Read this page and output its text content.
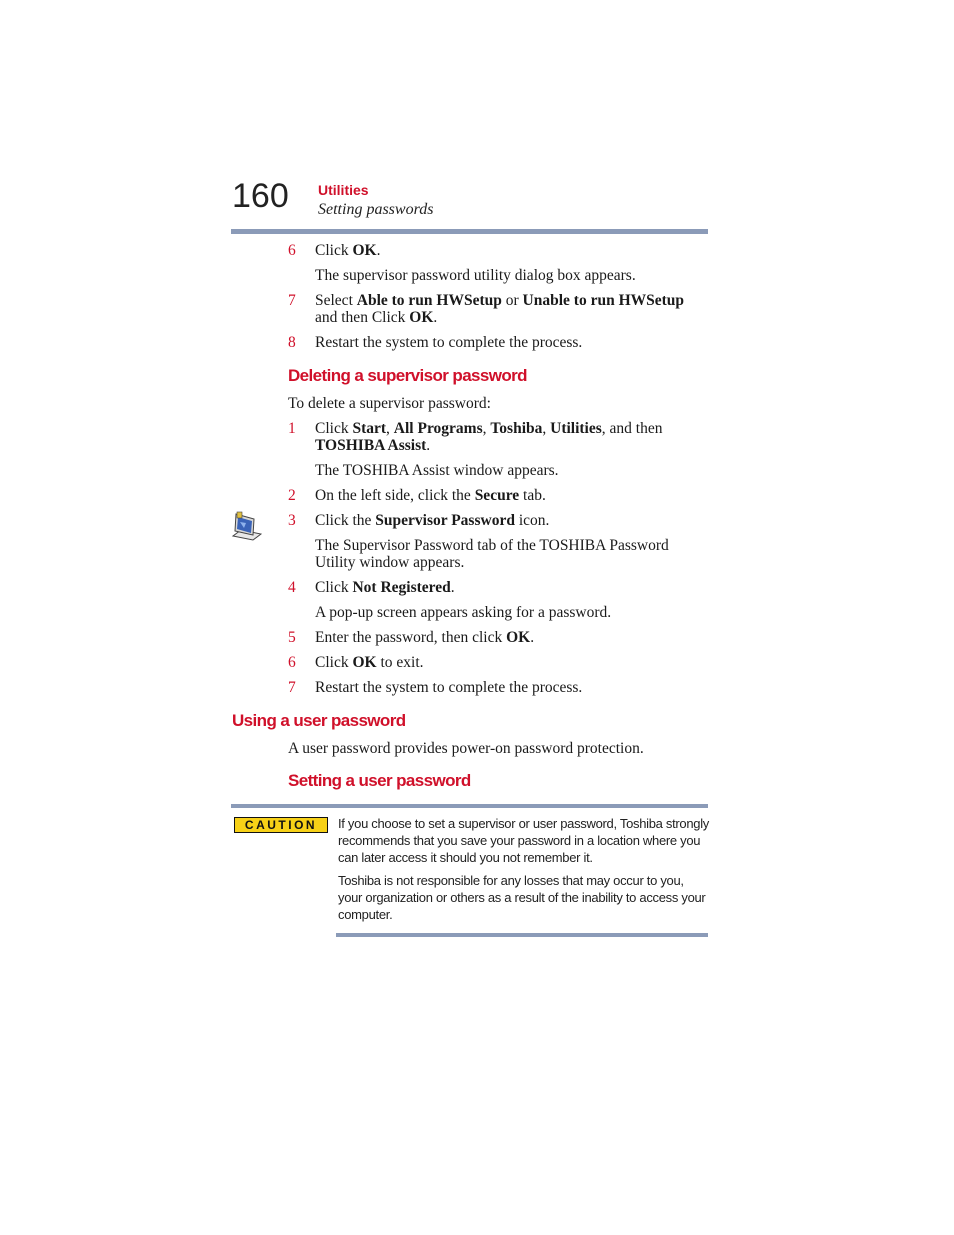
160 Utilities
Setting passwords
6 Click OK.
The supervisor password utility dialog box appears.
7 Select Able to run HWSetup or Unable to run HWSetup and then Click OK.
8 Restart the system to complete the process.
Deleting a supervisor password
To delete a supervisor password:
1 Click Start, All Programs, Toshiba, Utilities, and then TOSHIBA Assist.
The TOSHIBA Assist window appears.
2 On the left side, click the Secure tab.
3 Click the Supervisor Password icon.
The Supervisor Password tab of the TOSHIBA Password Utility window appears.
4 Click Not Registered.
A pop-up screen appears asking for a password.
5 Enter the password, then click OK.
6 Click OK to exit.
7 Restart the system to complete the process.
Using a user password
A user password provides power-on password protection.
Setting a user password
CAUTION	If you choose to set a supervisor or user password, Toshiba strongly recommends that you save your password in a location where you can later access it should you not remember it.
Toshiba is not responsible for any losses that may occur to you, your organization or others as a result of the inability to access your computer.
